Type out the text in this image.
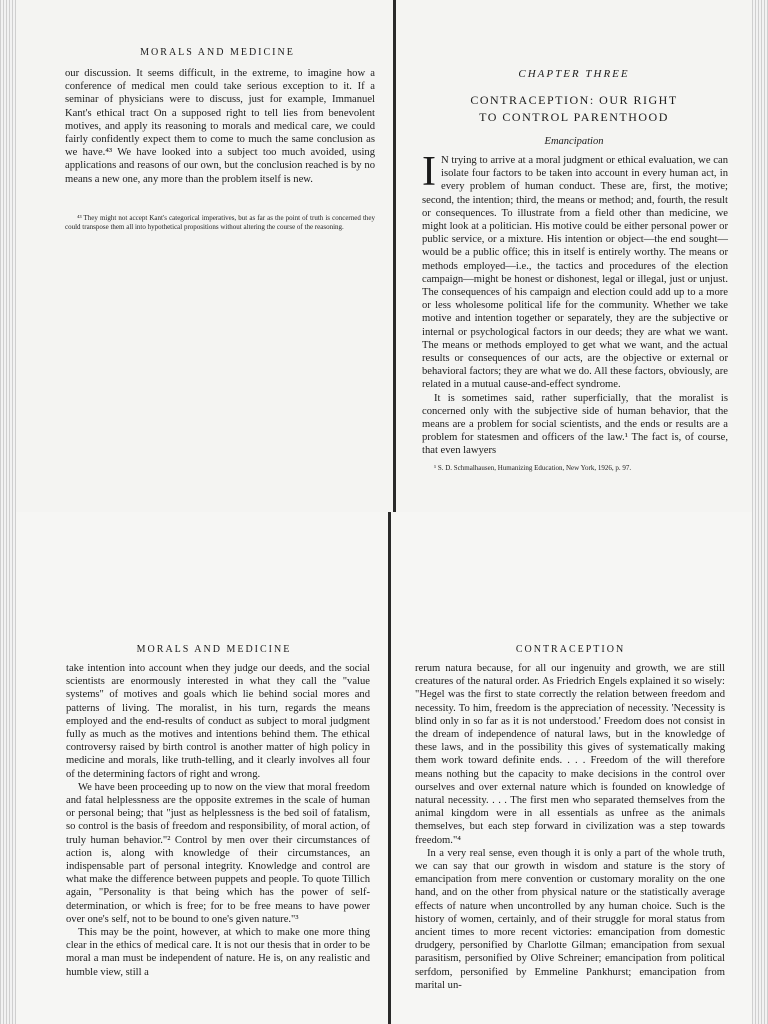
MORALS AND MEDICINE

our discussion. It seems difficult, in the extreme, to imagine how a conference of medical men could take serious exception to it. If a seminar of physicians were to discuss, just for example, Immanuel Kant's ethical tract On a supposed right to tell lies from benevolent motives, and apply its reasoning to morals and medical care, we could fairly confidently expect them to come to much the same conclusion as we have.⁴³ We have looked into a subject too much avoided, using applications and reasons of our own, but the conclusion reached is by no means a new one, any more than the problem itself is new.

⁴³ They might not accept Kant's categorical imperatives, but as far as the point of truth is concerned they could transpose them all into hypothetical propositions without altering the course of the reasoning.

CHAPTER THREE
CONTRACEPTION: OUR RIGHT
TO CONTROL PARENTHOOD
Emancipation

I N trying to arrive at a moral judgment or ethical evaluation, we can isolate four factors to be taken into account in every human act, in every problem of human conduct. These are, first, the motive; second, the intention; third, the means or method; and, fourth, the result or consequences. To illustrate from a field other than medicine, we might look at a politician. His motive could be either personal power or public service, or a mixture. His intention or object—the end sought—would be a public office; this in itself is entirely worthy. The means or methods employed—i.e., the tactics and procedures of the election campaign—might be honest or dishonest, legal or illegal, just or unjust. The consequences of his campaign and election could add up to a more or less wholesome political life for the community. Whether we take motive and intention together or separately, they are the subjective or internal or psychological factors in our deeds; they are what we want. The means or methods employed to get what we want, and the actual results or consequences of our acts, are the objective or external or behavioral factors; they are what we do. All these factors, obviously, are related in a mutual cause-and-effect syndrome.

It is sometimes said, rather superficially, that the moralist is concerned only with the subjective side of human behavior, that the means are a problem for social scientists, and the ends or results are a problem for statesmen and officers of the law.¹ The fact is, of course, that even lawyers

¹ S. D. Schmalhausen, Humanizing Education, New York, 1926, p. 97.

MORALS AND MEDICINE

take intention into account when they judge our deeds, and the social scientists are enormously interested in what they call the "value systems" of motives and goals which lie behind social mores and patterns of living. The moralist, in his turn, regards the means employed and the end-results of conduct as subject to moral judgment fully as much as the motives and intentions behind them. The ethical controversy raised by birth control is another matter of high policy in medicine and morals, like truth-telling, and it clearly involves all four of the determining factors of right and wrong.

We have been proceeding up to now on the view that moral freedom and fatal helplessness are the opposite extremes in the scale of human or personal being; that "just as helplessness is the bed soil of fatalism, so control is the basis of freedom and responsibility, of moral action, of truly human behavior."² Control by men over their circumstances of action is, along with knowledge of their circumstances, an indispensable part of personal integrity. Knowledge and control are what make the difference between puppets and people. To quote Tillich again, "Personality is that being which has the power of self-determination, or which is free; for to be free means to have power over one's self, not to be bound to one's given nature."³

This may be the point, however, at which to make one more thing clear in the ethics of medical care. It is not our thesis that in order to be moral a man must be independent of nature. He is, on any realistic and humble view, still a

CONTRACEPTION

rerum natura because, for all our ingenuity and growth, we are still creatures of the natural order. As Friedrich Engels explained it so wisely: "Hegel was the first to state correctly the relation between freedom and necessity. To him, freedom is the appreciation of necessity. 'Necessity is blind only in so far as it is not understood.' Freedom does not consist in the dream of independence of natural laws, but in the knowledge of these laws, and in the possibility this gives of systematically making them work toward definite ends. . . . Freedom of the will therefore means nothing but the capacity to make decisions in the control over ourselves and over external nature which is founded on knowledge of natural necessity. . . . The first men who separated themselves from the animal kingdom were in all essentials as unfree as the animals themselves, but each step forward in civilization was a step towards freedom."⁴

In a very real sense, even though it is only a part of the whole truth, we can say that our growth in wisdom and stature is the story of emancipation from mere convention or customary morality on the one hand, and on the other from physical nature or the statistically average effects of nature when uncontrolled by any human choice. Such is the history of women, certainly, and of their struggle for moral status from ancient times to more recent victories: emancipation from domestic drudgery, personified by Charlotte Gilman; emancipation from sexual parasitism, personified by Olive Schreiner; emancipation from political serfdom, personified by Emmeline Pankhurst; emancipation from marital un-
